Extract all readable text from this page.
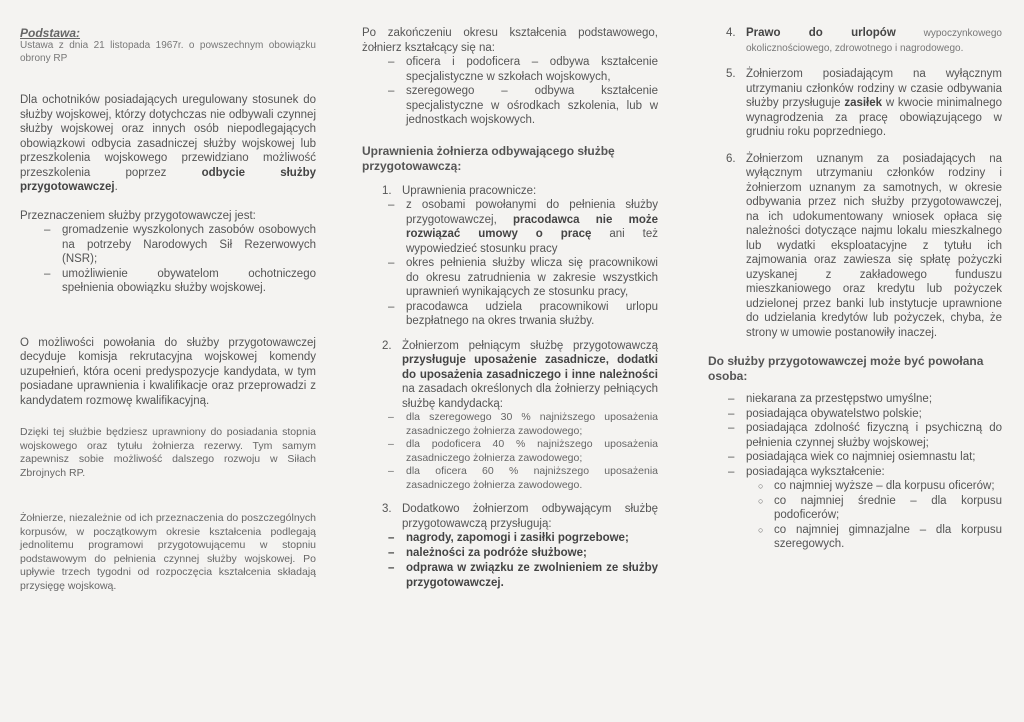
Podstawa:

Ustawa z dnia 21 listopada 1967r. o powszechnym obowiązku obrony RP

Dla ochotników posiadających uregulowany stosunek do służby wojskowej, którzy dotychczas nie odbywali czynnej służby wojskowej oraz innych osób niepodlegających obowiązkowi odbycia zasadniczej służby wojskowej lub przeszkolenia wojskowego przewidziano możliwość przeszkolenia poprzez odbycie służby przygotowawczej.

Przeznaczeniem służby przygotowawczej jest:

– gromadzenie wyszkolonych zasobów osobowych na potrzeby Narodowych Sił Rezerwowych (NSR);
– umożliwienie obywatelom ochotniczego spełnienia obowiązku służby wojskowej.

O możliwości powołania do służby przygotowawczej decyduje komisja rekrutacyjna wojskowej komendy uzupełnień, która oceni predyspozycje kandydata, w tym posiadane uprawnienia i kwalifikacje oraz przeprowadzi z kandydatem rozmowę kwalifikacyjną.

Dzięki tej służbie będziesz uprawniony do posiadania stopnia wojskowego oraz tytułu żołnierza rezerwy. Tym samym zapewnisz sobie możliwość dalszego rozwoju w Siłach Zbrojnych RP.

Żołnierze, niezależnie od ich przeznaczenia do poszczególnych korpusów, w początkowym okresie kształcenia podlegają jednolitemu programowi przygotowującemu w stopniu podstawowym do pełnienia czynnej służby wojskowej. Po upływie trzech tygodni od rozpoczęcia kształcenia składają przysięgę wojskową.

Po zakończeniu okresu kształcenia podstawowego, żołnierz kształcący się na:

– oficera i podoficera – odbywa kształcenie specjalistyczne w szkołach wojskowych,
– szeregowego – odbywa kształcenie specjalistyczne w ośrodkach szkolenia, lub w jednostkach wojskowych.

Uprawnienia żołnierza odbywającego służbę przygotowawczą:

1. Uprawnienia pracownicze:
– z osobami powołanymi do pełnienia służby przygotowawczej, pracodawca nie może rozwiązać umowy o pracę ani też wypowiedzieć stosunku pracy
– okres pełnienia służby wlicza się pracownikowi do okresu zatrudnienia w zakresie wszystkich uprawnień wynikających ze stosunku pracy,
– pracodawca udziela pracownikowi urlopu bezpłatnego na okres trwania służby.
2. Żołnierzom pełniącym służbę przygotowawczą przysługuje uposażenie zasadnicze, dodatki do uposażenia zasadniczego i inne należności na zasadach określonych dla żołnierzy pełniących służbę kandydacką:
– dla szeregowego 30 % najniższego uposażenia zasadniczego żołnierza zawodowego;
– dla podoficera 40 % najniższego uposażenia zasadniczego żołnierza zawodowego;
– dla oficera 60 % najniższego uposażenia zasadniczego żołnierza zawodowego.
3. Dodatkowo żołnierzom odbywającym służbę przygotowawczą przysługują:
– nagrody, zapomogi i zasiłki pogrzebowe;
– należności za podróże służbowe;
– odprawa w związku ze zwolnieniem ze służby przygotowawczej.
4. Prawo do urlopów wypoczynkowego okolicznościowego, zdrowotnego i nagrodowego.
5. Żołnierzom posiadającym na wyłącznym utrzymaniu członków rodziny w czasie odbywania służby przysługuje zasiłek w kwocie minimalnego wynagrodzenia za pracę obowiązującego w grudniu roku poprzedniego.
6. Żołnierzom uznanym za posiadających na wyłącznym utrzymaniu członków rodziny i żołnierzom uznanym za samotnych, w okresie odbywania przez nich służby przygotowawczej, na ich udokumentowany wniosek opłaca się należności dotyczące najmu lokalu mieszkalnego lub wydatki eksploatacyjne z tytułu ich zajmowania oraz zawiesza się spłatę pożyczki uzyskanej z zakładowego funduszu mieszkaniowego oraz kredytu lub pożyczek udzielonej przez banki lub instytucje uprawnione do udzielania kredytów lub pożyczek, chyba, że strony w umowie postanowiły inaczej.

Do służby przygotowawczej może być powołana osoba:

– niekarana za przestępstwo umyślne;
– posiadająca obywatelstwo polskie;
– posiadająca zdolność fizyczną i psychiczną do pełnienia czynnej służby wojskowej;
– posiadająca wiek co najmniej osiemnastu lat;
– posiadająca wykształcenie:
○ co najmniej wyższe – dla korpusu oficerów;
○ co najmniej średnie – dla korpusu podoficerów;
○ co najmniej gimnazjalne – dla korpusu szeregowych.
